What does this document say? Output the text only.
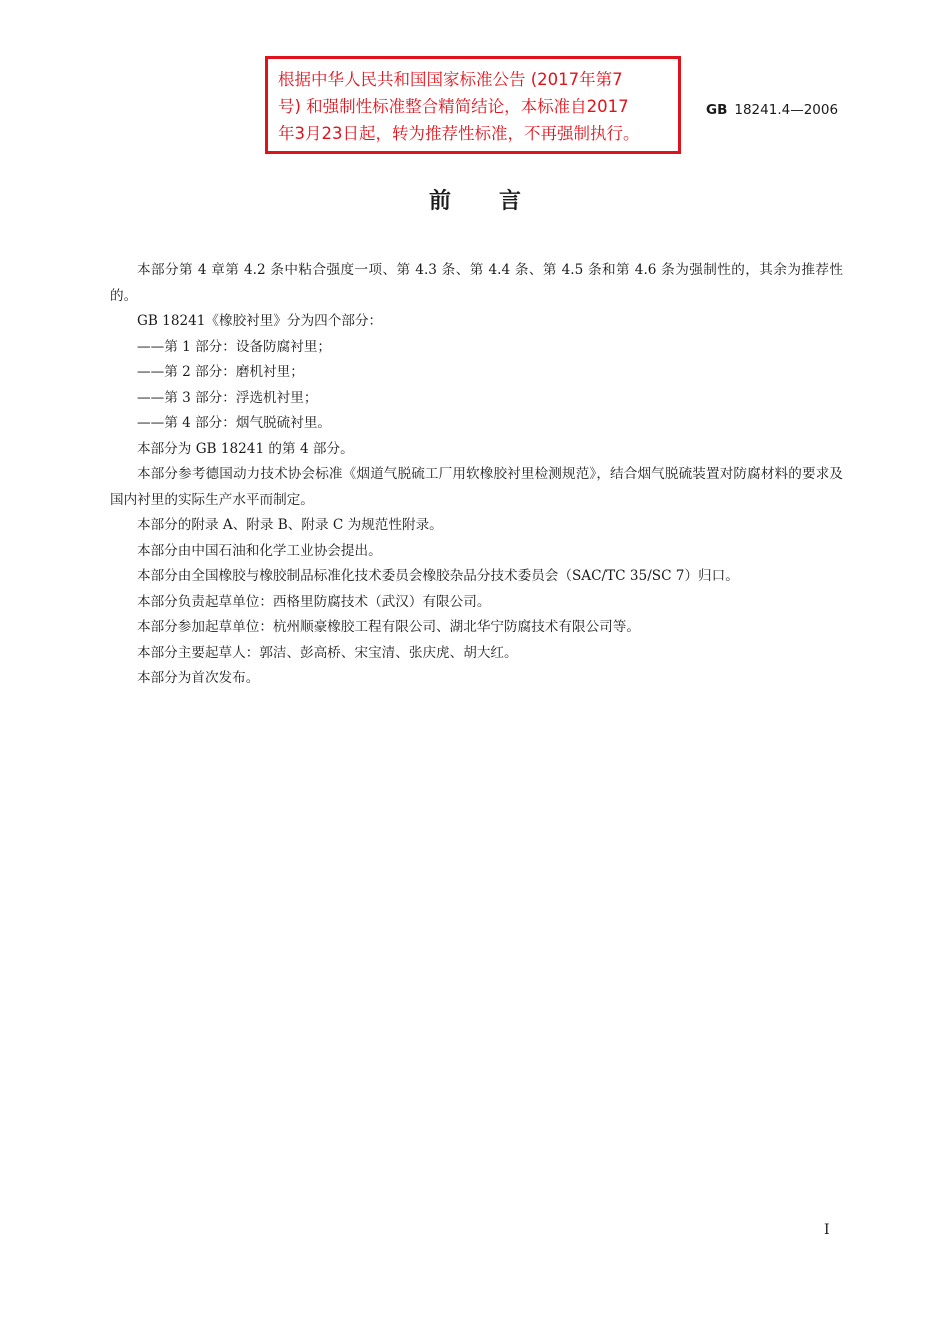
根据中华人民共和国国家标准公告 (2017年第7
号) 和强制性标准整合精简结论，本标准自2017
年3月23日起，转为推荐性标准，不再强制执行。
GB 18241.4—2006
前言

本部分第 4 章第 4.2 条中粘合强度一项、第 4.3 条、第 4.4 条、第 4.5 条和第 4.6 条为强制性的，其余为推荐性的。

GB 18241《橡胶衬里》分为四个部分：

——第 1 部分：设备防腐衬里；

——第 2 部分：磨机衬里；

——第 3 部分：浮选机衬里；

——第 4 部分：烟气脱硫衬里。

本部分为 GB 18241 的第 4 部分。

本部分参考德国动力技术协会标准《烟道气脱硫工厂用软橡胶衬里检测规范》，结合烟气脱硫装置对防腐材料的要求及国内衬里的实际生产水平而制定。

本部分的附录 A、附录 B、附录 C 为规范性附录。

本部分由中国石油和化学工业协会提出。

本部分由全国橡胶与橡胶制品标准化技术委员会橡胶杂品分技术委员会（SAC/TC 35/SC 7）归口。

本部分负责起草单位：西格里防腐技术（武汉）有限公司。

本部分参加起草单位：杭州顺豪橡胶工程有限公司、湖北华宁防腐技术有限公司等。

本部分主要起草人：郭洁、彭高桥、宋宝清、张庆虎、胡大红。

本部分为首次发布。

I
